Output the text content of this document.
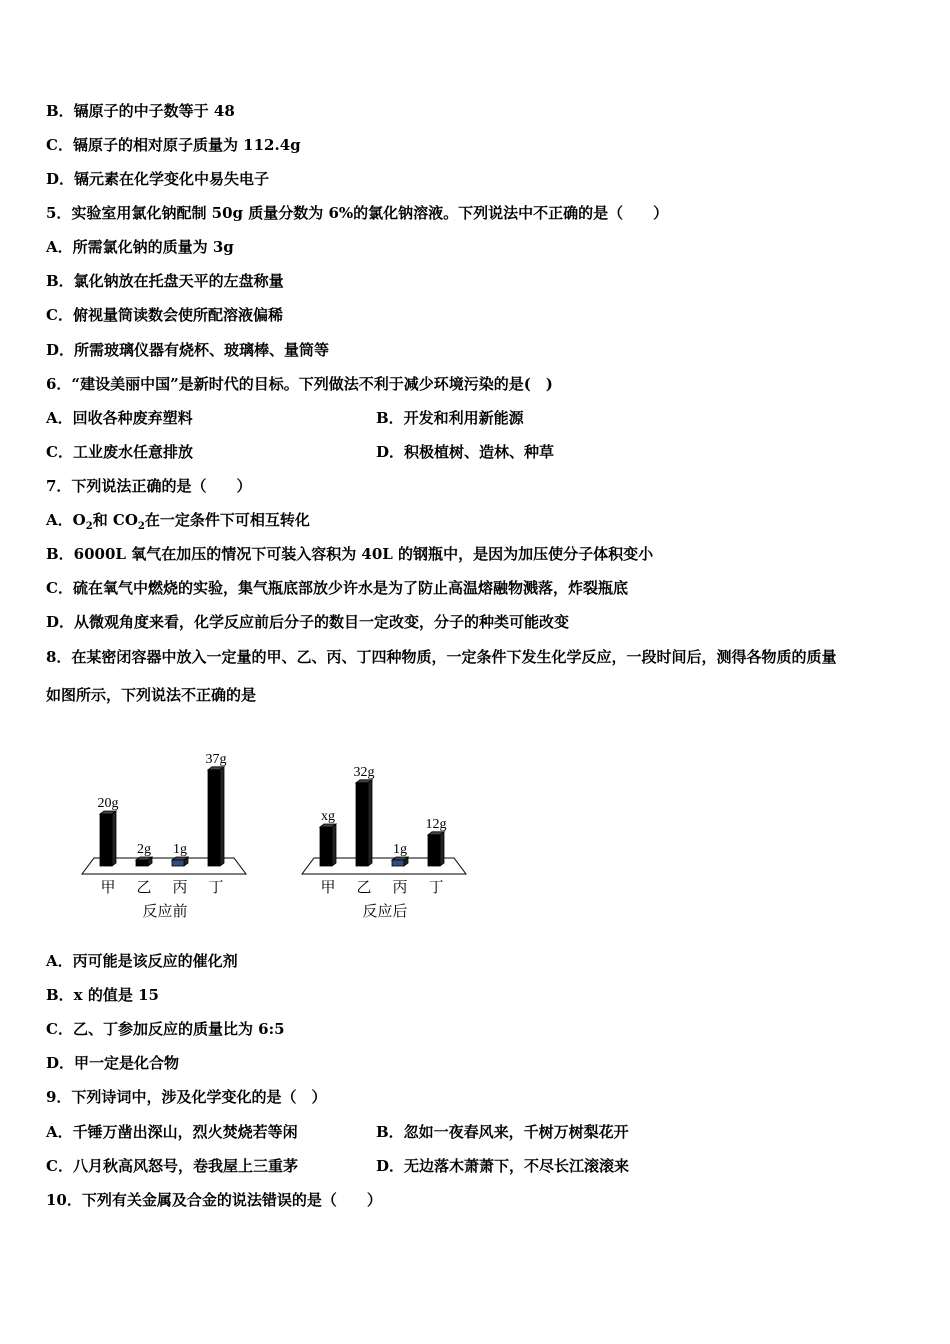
B．镉原子的中子数等于 48
C．镉原子的相对原子质量为 112.4g
D．镉元素在化学变化中易失电子
5．实验室用氯化钠配制 50g 质量分数为 6%的氯化钠溶液。下列说法中不正确的是（　　）
A．所需氯化钠的质量为 3g
B．氯化钠放在托盘天平的左盘称量
C．俯视量筒读数会使所配溶液偏稀
D．所需玻璃仪器有烧杯、玻璃棒、量筒等
6．“建设美丽中国”是新时代的目标。下列做法不利于减少环境污染的是(　)
A．回收各种废弃塑料	B．开发和利用新能源
C．工业废水任意排放	D．积极植树、造林、种草
7．下列说法正确的是（　　）
A．$O_2$和 $CO_2$在一定条件下可相互转化
B．6000L 氧气在加压的情况下可装入容积为 40L 的钢瓶中，是因为加压使分子体积变小
C．硫在氧气中燃烧的实验，集气瓶底部放少许水是为了防止高温熔融物溅落，炸裂瓶底
D．从微观角度来看，化学反应前后分子的数目一定改变，分子的种类可能改变
8．在某密闭容器中放入一定量的甲、乙、丙、丁四种物质，一定条件下发生化学反应，一段时间后，测得各物质的质量
如图所示，下列说法不正确的是
20g
甲
2g
乙
1g
丙
37g
丁
反应前
xg
甲
32g
乙
1g
丙
12g
丁
反应后
A．丙可能是该反应的催化剂
B．x 的值是 15
C．乙、丁参加反应的质量比为 6:5
D．甲一定是化合物
9．下列诗词中，涉及化学变化的是（　）
A．千锤万凿出深山，烈火焚烧若等闲	B．忽如一夜春风来，千树万树梨花开
C．八月秋高风怒号，卷我屋上三重茅	D．无边落木萧萧下，不尽长江滚滚来
10．下列有关金属及合金的说法错误的是（　　）
